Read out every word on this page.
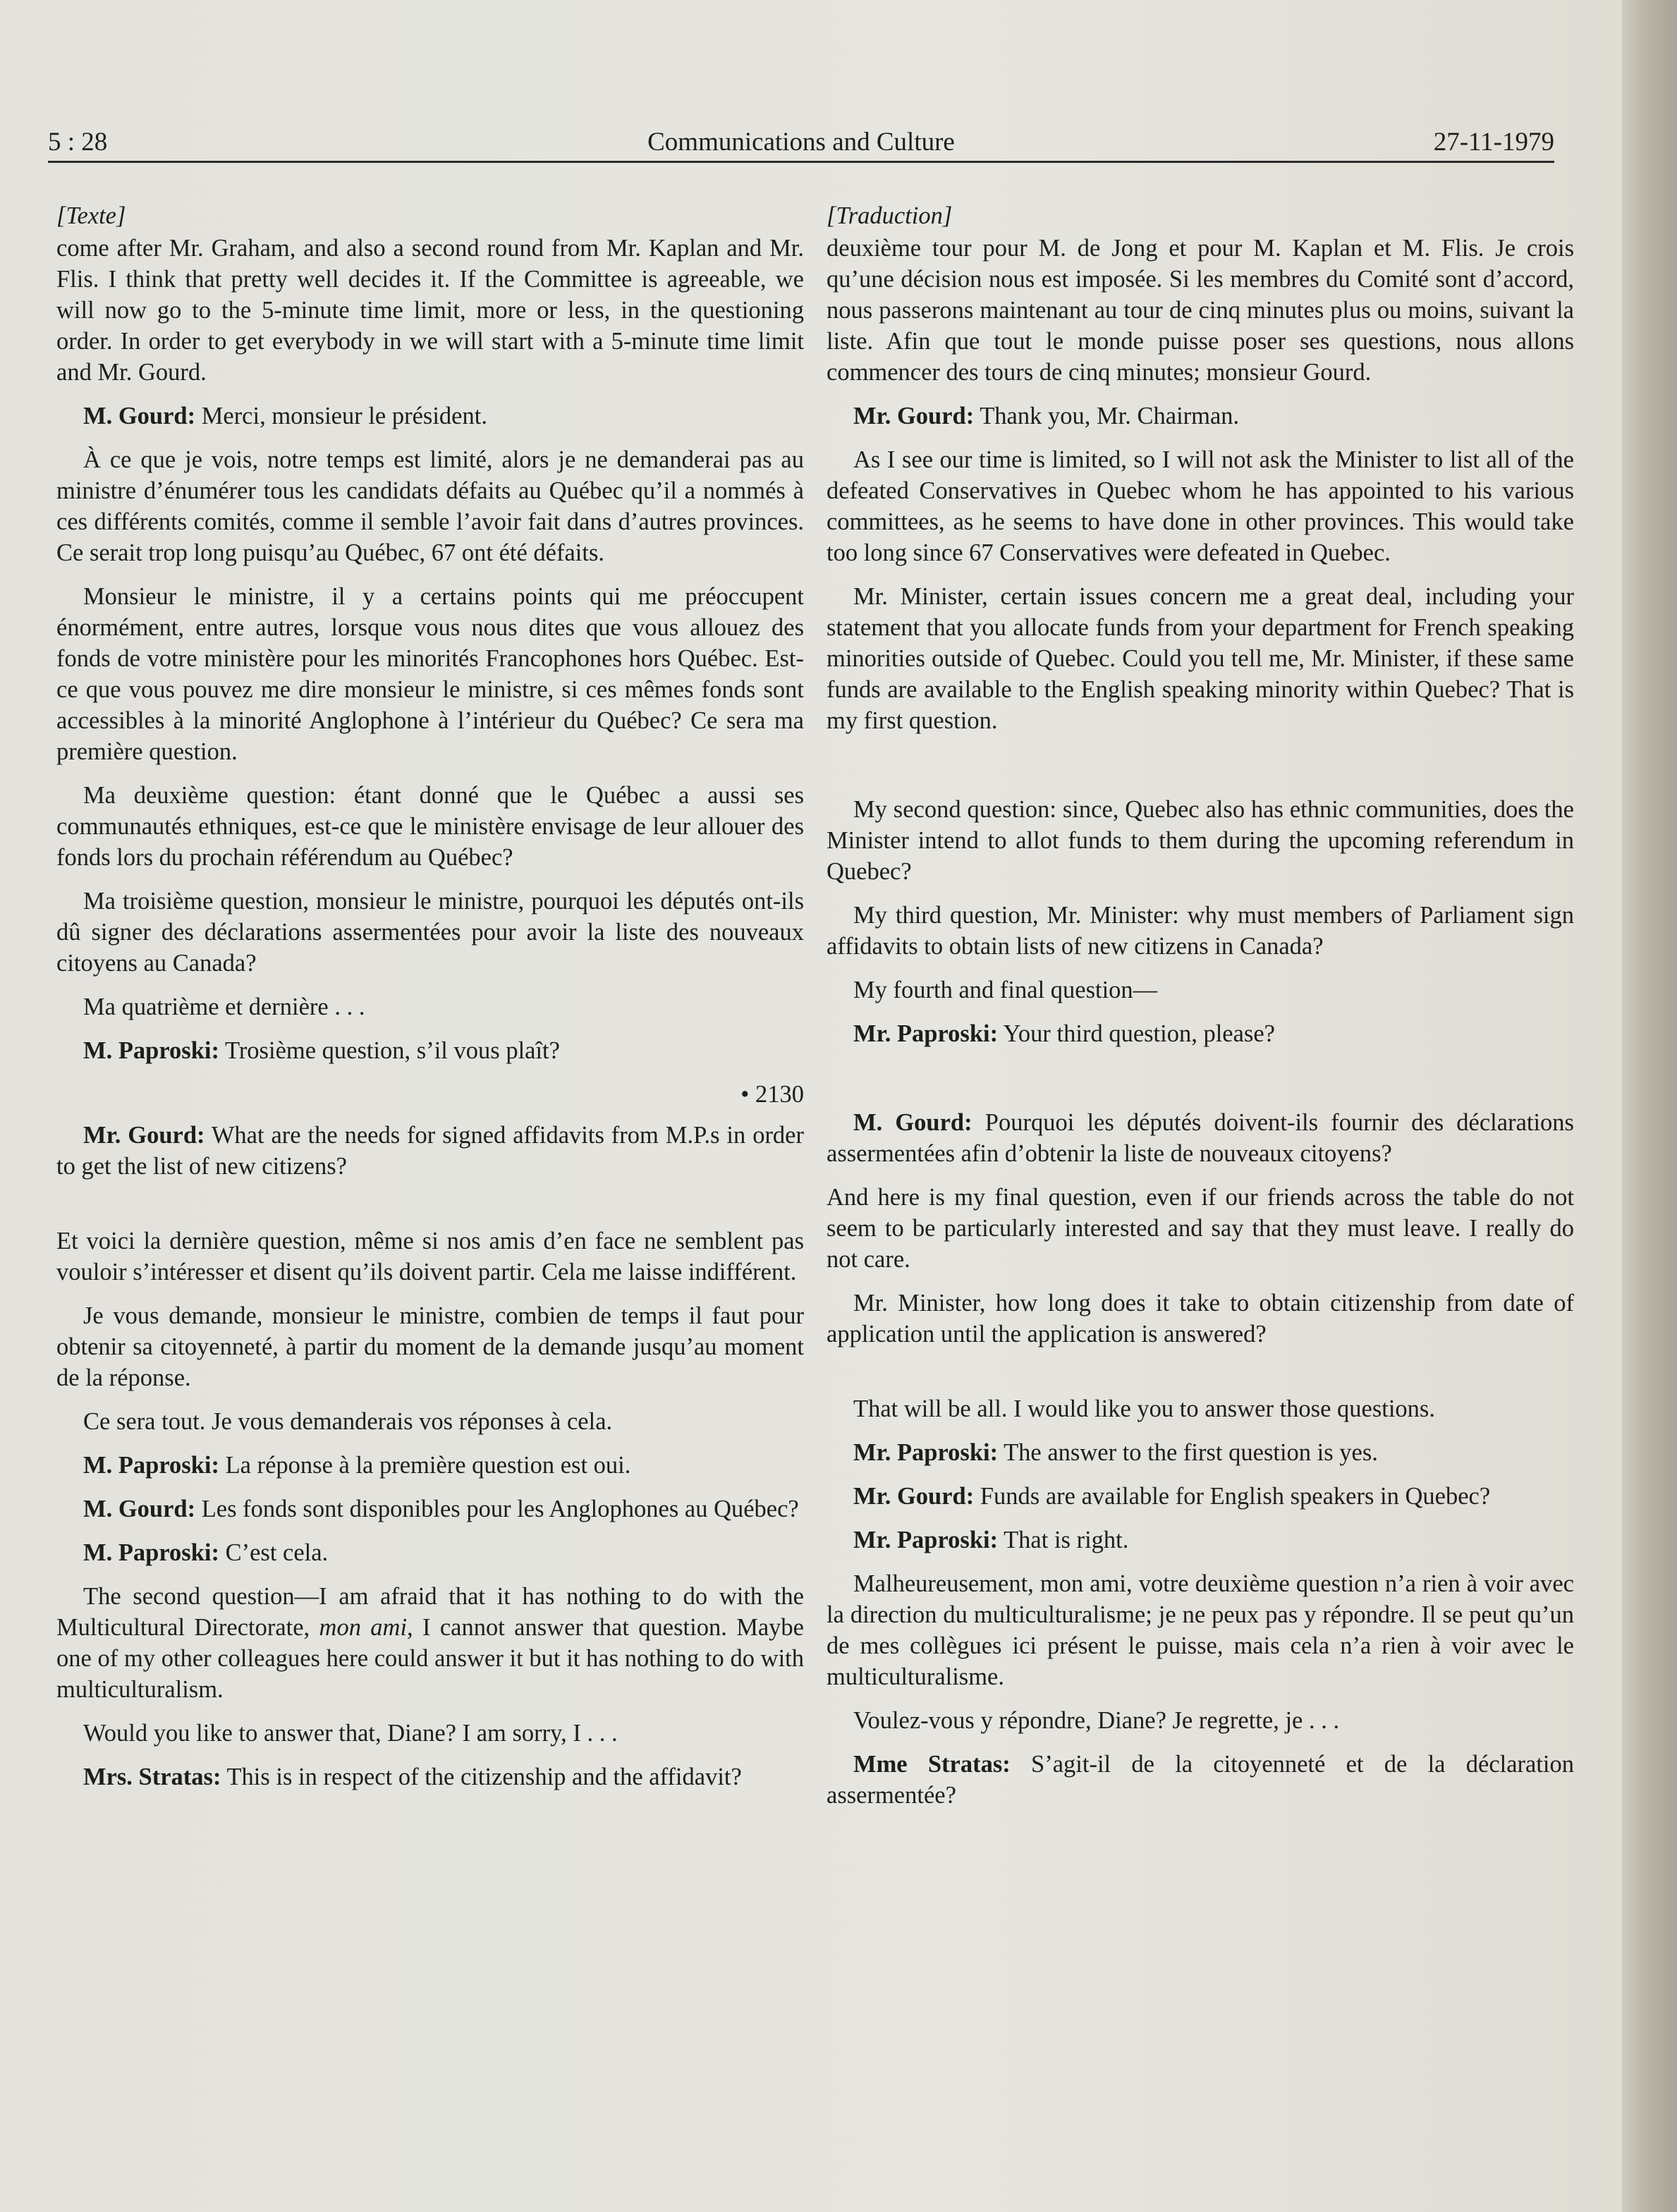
5 : 28	Communications and Culture	27-11-1979

[Texte]

come after Mr. Graham, and also a second round from Mr. Kaplan and Mr. Flis. I think that pretty well decides it. If the Committee is agreeable, we will now go to the 5-minute time limit, more or less, in the questioning order. In order to get everybody in we will start with a 5-minute time limit and Mr. Gourd.

M. Gourd: Merci, monsieur le président.

À ce que je vois, notre temps est limité, alors je ne demanderai pas au ministre d’énumérer tous les candidats défaits au Québec qu’il a nommés à ces différents comités, comme il semble l’avoir fait dans d’autres provinces. Ce serait trop long puisqu’au Québec, 67 ont été défaits.

Monsieur le ministre, il y a certains points qui me préoccupent énormément, entre autres, lorsque vous nous dites que vous allouez des fonds de votre ministère pour les minorités Francophones hors Québec. Est-ce que vous pouvez me dire monsieur le ministre, si ces mêmes fonds sont accessibles à la minorité Anglophone à l’intérieur du Québec? Ce sera ma première question.

Ma deuxième question: étant donné que le Québec a aussi ses communautés ethniques, est-ce que le ministère envisage de leur allouer des fonds lors du prochain référendum au Québec?

Ma troisième question, monsieur le ministre, pourquoi les députés ont-ils dû signer des déclarations assermentées pour avoir la liste des nouveaux citoyens au Canada?

Ma quatrième et dernière . . .

M. Paproski: Trosième question, s’il vous plaît?

• 2130

Mr. Gourd: What are the needs for signed affidavits from M.P.s in order to get the list of new citizens?

Et voici la dernière question, même si nos amis d’en face ne semblent pas vouloir s’intéresser et disent qu’ils doivent partir. Cela me laisse indifférent.

Je vous demande, monsieur le ministre, combien de temps il faut pour obtenir sa citoyenneté, à partir du moment de la demande jusqu’au moment de la réponse.

Ce sera tout. Je vous demanderais vos réponses à cela.

M. Paproski: La réponse à la première question est oui.

M. Gourd: Les fonds sont disponibles pour les Anglophones au Québec?

M. Paproski: C’est cela.

The second question—I am afraid that it has nothing to do with the Multicultural Directorate, mon ami, I cannot answer that question. Maybe one of my other colleagues here could answer it but it has nothing to do with multiculturalism.

Would you like to answer that, Diane? I am sorry, I . . .

Mrs. Stratas: This is in respect of the citizenship and the affidavit?

[Traduction]

deuxième tour pour M. de Jong et pour M. Kaplan et M. Flis. Je crois qu’une décision nous est imposée. Si les membres du Comité sont d’accord, nous passerons maintenant au tour de cinq minutes plus ou moins, suivant la liste. Afin que tout le monde puisse poser ses questions, nous allons commencer des tours de cinq minutes; monsieur Gourd.

Mr. Gourd: Thank you, Mr. Chairman.

As I see our time is limited, so I will not ask the Minister to list all of the defeated Conservatives in Quebec whom he has appointed to his various committees, as he seems to have done in other provinces. This would take too long since 67 Conservatives were defeated in Quebec.

Mr. Minister, certain issues concern me a great deal, including your statement that you allocate funds from your department for French speaking minorities outside of Quebec. Could you tell me, Mr. Minister, if these same funds are available to the English speaking minority within Quebec? That is my first question.

My second question: since, Quebec also has ethnic communities, does the Minister intend to allot funds to them during the upcoming referendum in Quebec?

My third question, Mr. Minister: why must members of Parliament sign affidavits to obtain lists of new citizens in Canada?

My fourth and final question—

Mr. Paproski: Your third question, please?

M. Gourd: Pourquoi les députés doivent-ils fournir des déclarations assermentées afin d’obtenir la liste de nouveaux citoyens?

And here is my final question, even if our friends across the table do not seem to be particularly interested and say that they must leave. I really do not care.

Mr. Minister, how long does it take to obtain citizenship from date of application until the application is answered?

That will be all. I would like you to answer those questions.

Mr. Paproski: The answer to the first question is yes.

Mr. Gourd: Funds are available for English speakers in Quebec?

Mr. Paproski: That is right.

Malheureusement, mon ami, votre deuxième question n’a rien à voir avec la direction du multiculturalisme; je ne peux pas y répondre. Il se peut qu’un de mes collègues ici présent le puisse, mais cela n’a rien à voir avec le multiculturalisme.

Voulez-vous y répondre, Diane? Je regrette, je . . .

Mme Stratas: S’agit-il de la citoyenneté et de la déclaration assermentée?
